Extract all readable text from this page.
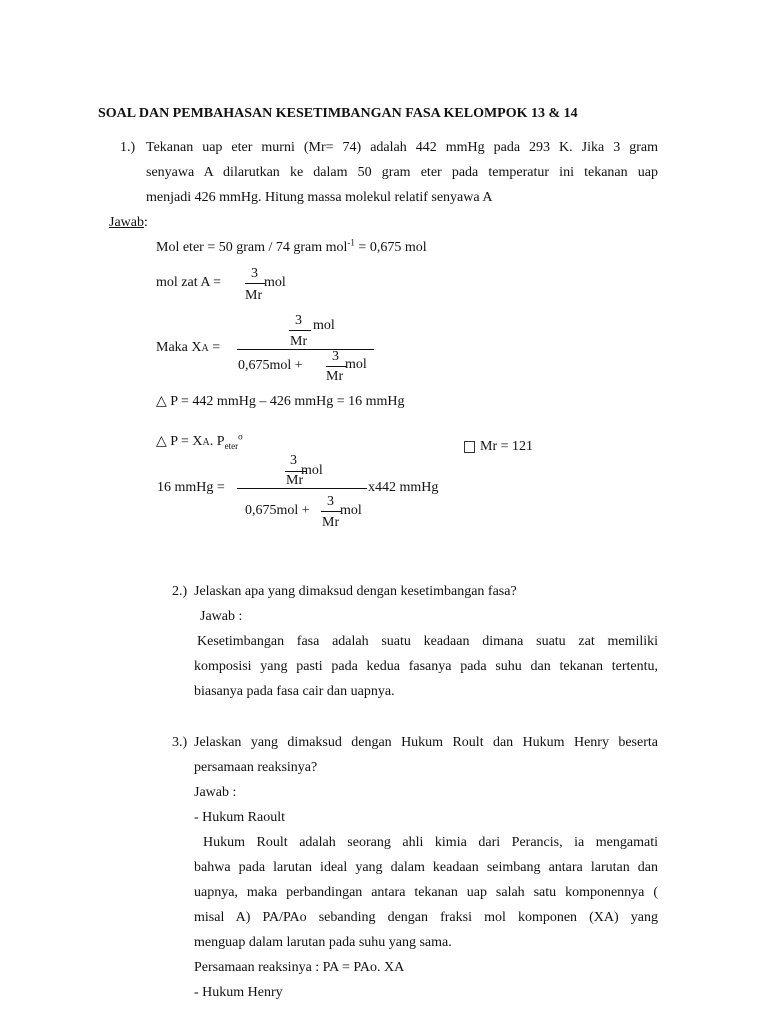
SOAL DAN PEMBAHASAN KESETIMBANGAN FASA KELOMPOK 13 & 14
1.) Tekanan uap eter murni (Mr= 74) adalah 442 mmHg pada 293 K. Jika 3 gram
senyawa A dilarutkan ke dalam 50 gram eter pada temperatur ini tekanan uap
menjadi 426 mmHg. Hitung massa molekul relatif senyawa A
Jawab:
Mol eter = 50 gram / 74 gram mol$^{-1}$ = 0,675 mol
mol zat A =
3
mol
Mr
Maka XA =
3 mol
Mr
0,675mol +
3
mol
Mr
△ P = 442 mmHg – 426 mmHg = 16 mmHg
△ P = XA. $P_{eter}^o$
Mr = 121
3
mol
Mr
16 mmHg =	x442 mmHg
0,675mol +
3
mol
Mr
2.) Jelaskan apa yang dimaksud dengan kesetimbangan fasa?
Jawab :
Kesetimbangan fasa adalah suatu keadaan dimana suatu zat memiliki
komposisi yang pasti pada kedua fasanya pada suhu dan tekanan tertentu,
biasanya pada fasa cair dan uapnya.
3.) Jelaskan yang dimaksud dengan Hukum Roult dan Hukum Henry beserta
persamaan reaksinya?
Jawab :
- Hukum Raoult
Hukum Roult adalah seorang ahli kimia dari Perancis, ia mengamati
bahwa pada larutan ideal yang dalam keadaan seimbang antara larutan dan
uapnya, maka perbandingan antara tekanan uap salah satu komponennya (
misal A) PA/PAo sebanding dengan fraksi mol komponen (XA) yang
menguap dalam larutan pada suhu yang sama.
Persamaan reaksinya : PA = PAo. XA
- Hukum Henry
